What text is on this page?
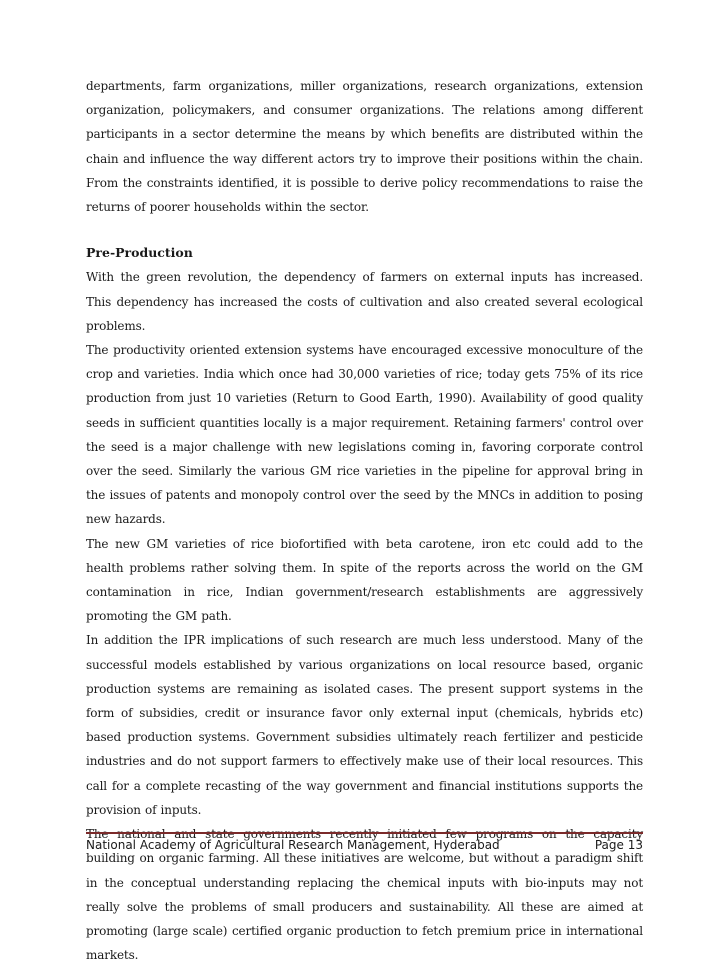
departments, farm organizations, miller organizations, research organizations, extension organization, policymakers, and consumer organizations. The relations among different participants in a sector determine the means by which benefits are distributed within the chain and influence the way different actors try to improve their positions within the chain. From the constraints identified, it is possible to derive policy recommendations to raise the returns of poorer households within the sector.

Pre-Production

With the green revolution, the dependency of farmers on external inputs has increased. This dependency has increased the costs of cultivation and also created several ecological problems.

The productivity oriented extension systems have encouraged excessive monoculture of the crop and varieties. India which once had 30,000 varieties of rice; today gets 75% of its rice production from just 10 varieties (Return to Good Earth, 1990). Availability of good quality seeds in sufficient quantities locally is a major requirement. Retaining farmers' control over the seed is a major challenge with new legislations coming in, favoring corporate control over the seed. Similarly the various GM rice varieties in the pipeline for approval bring in the issues of patents and monopoly control over the seed by the MNCs in addition to posing new hazards.

The new GM varieties of rice biofortified with beta carotene, iron etc could add to the health problems rather solving them. In spite of the reports across the world on the GM contamination in rice, Indian government/research establishments are aggressively promoting the GM path.

In addition the IPR implications of such research are much less understood. Many of the successful models established by various organizations on local resource based, organic production systems are remaining as isolated cases. The present support systems in the form of subsidies, credit or insurance favor only external input (chemicals, hybrids etc) based production systems. Government subsidies ultimately reach fertilizer and pesticide industries and do not support farmers to effectively make use of their local resources. This call for a complete recasting of the way government and financial institutions supports the provision of inputs.

The national and state governments recently initiated few programs on the capacity building on organic farming. All these initiatives are welcome, but without a paradigm shift in the conceptual understanding replacing the chemical inputs with bio-inputs may not really solve the problems of small producers and sustainability. All these are aimed at promoting (large scale) certified organic production to fetch premium price in international markets.

National Academy of Agricultural Research Management, Hyderabad	Page 13
